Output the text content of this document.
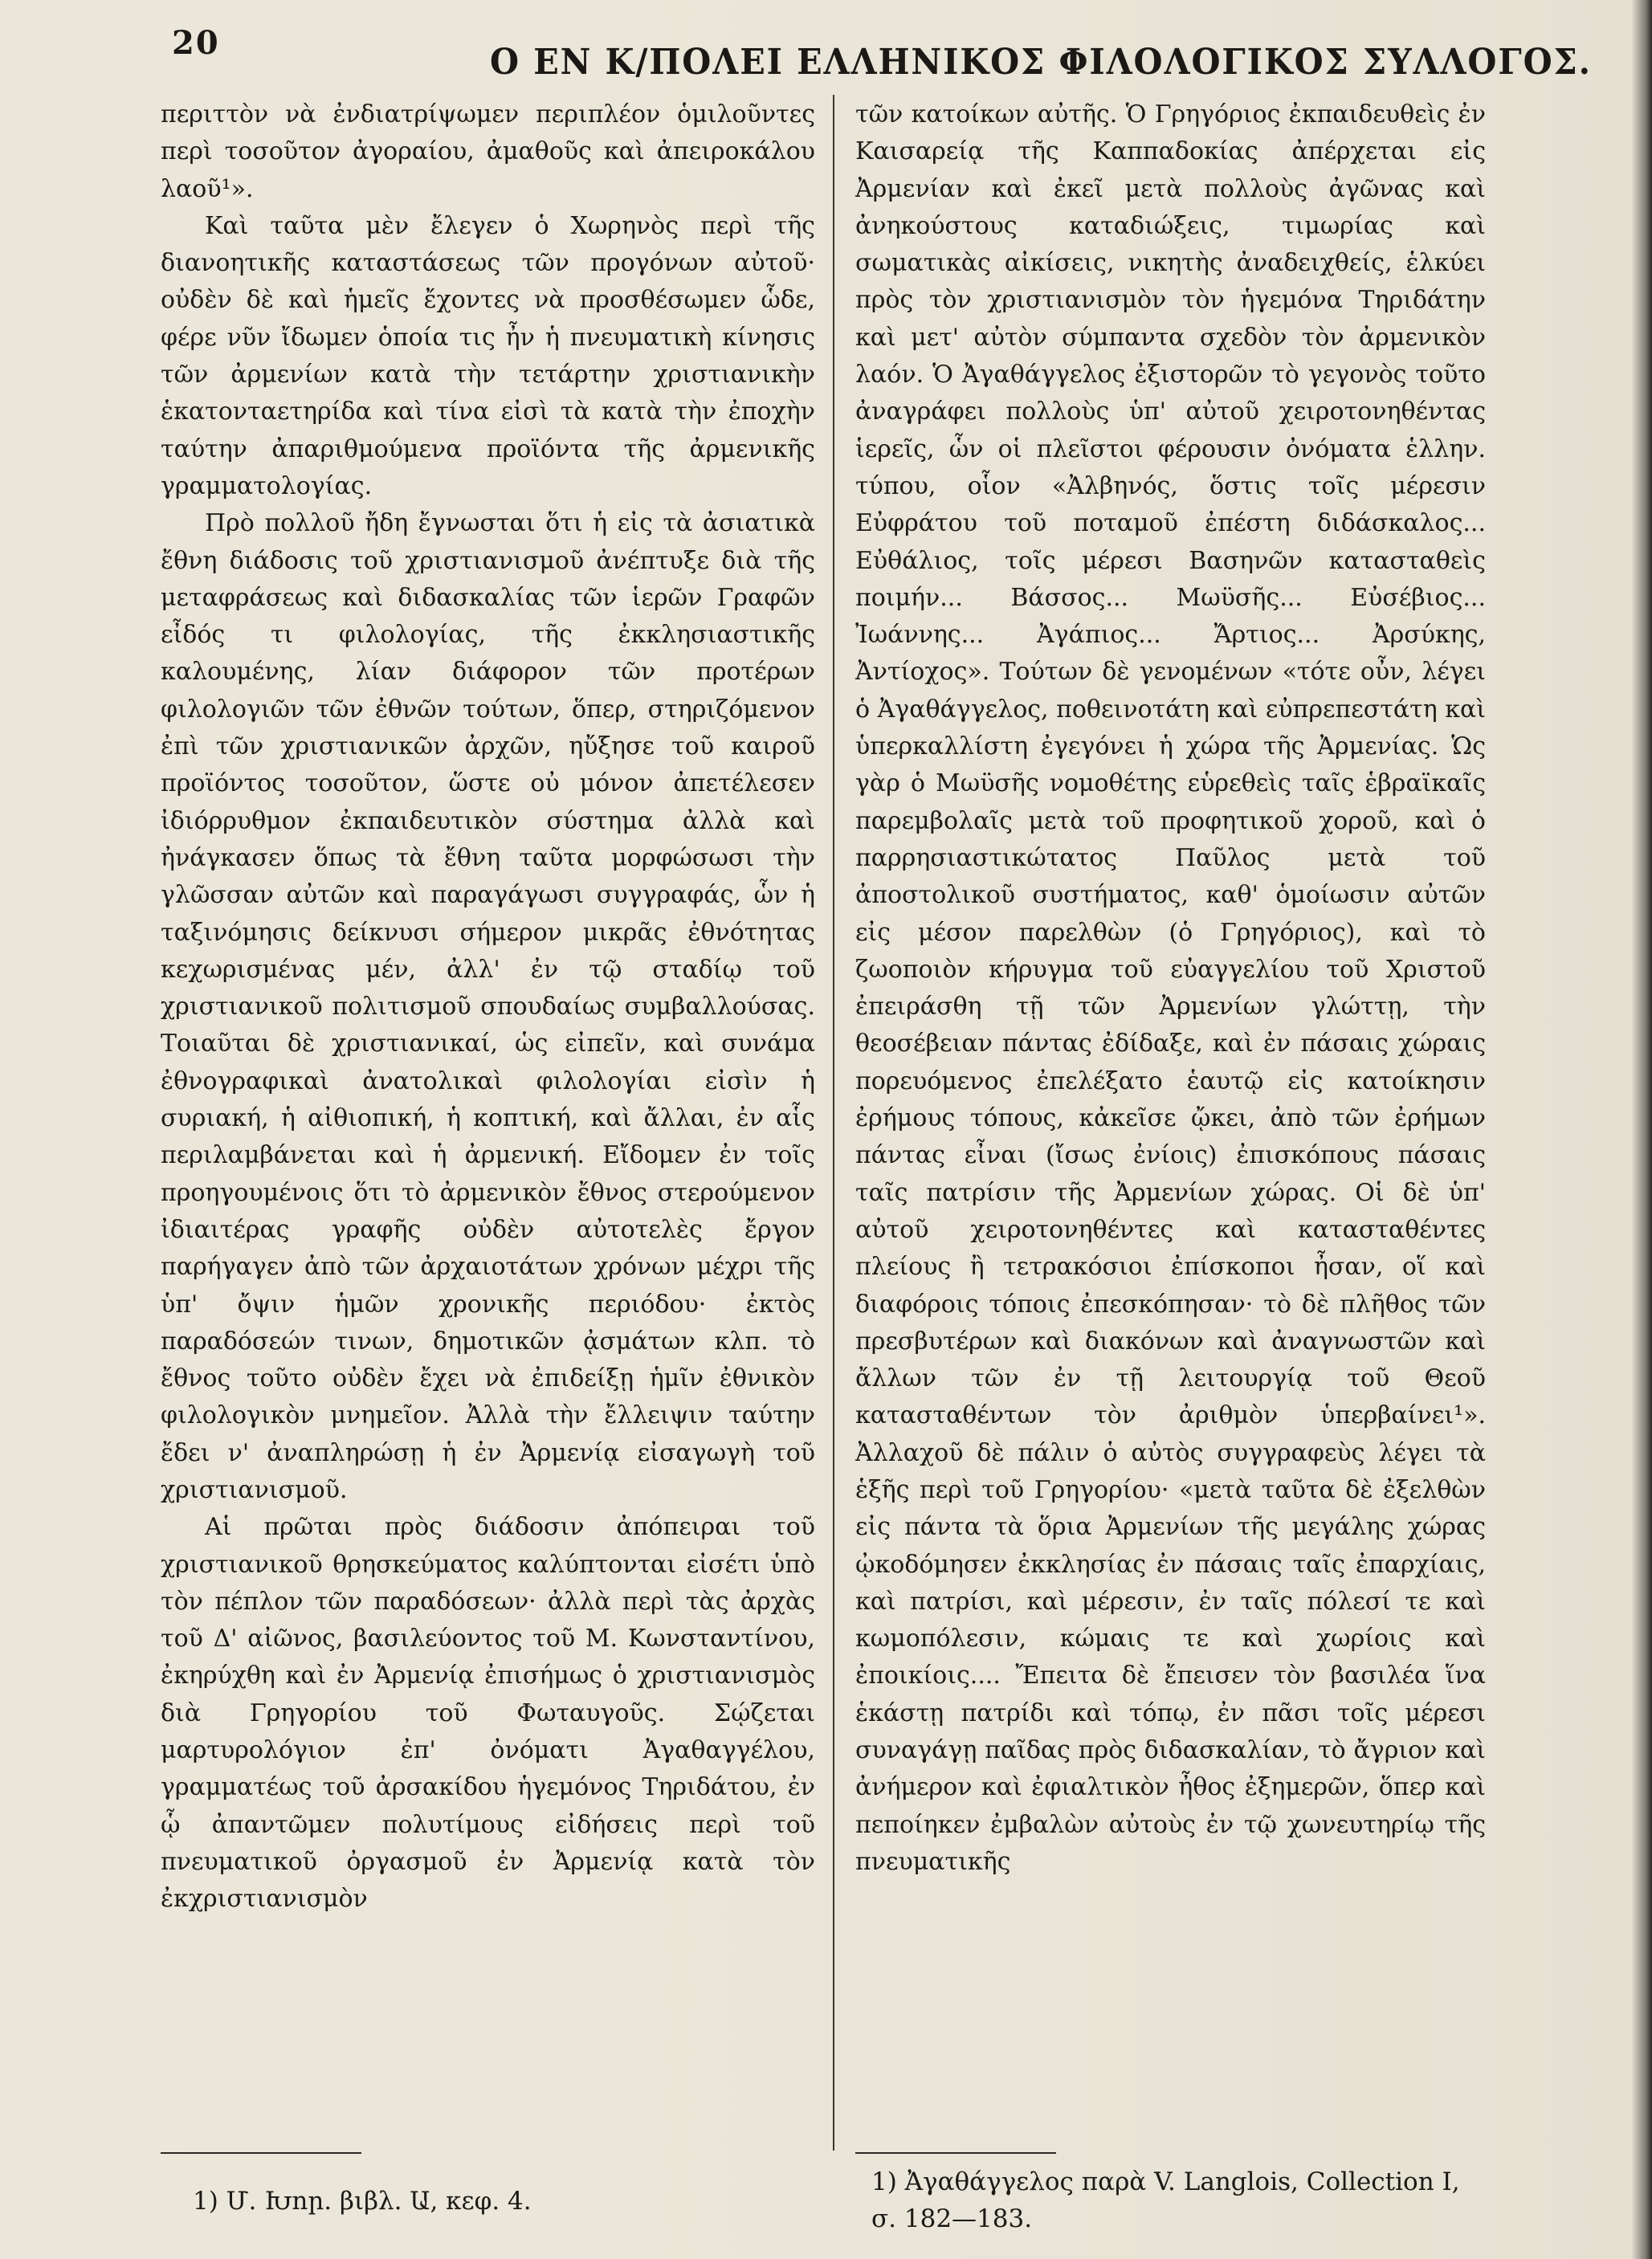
20	Ο ΕΝ Κ/ΠΟΛΕΙ ΕΛΛΗΝΙΚΟΣ ΦΙΛΟΛΟΓΙΚΟΣ ΣΥΛΛΟΓΟΣ.

περιττὸν νὰ ἐνδιατρίψωμεν περιπλέον ὁμιλοῦντες περὶ τοσοῦτον ἀγοραίου, ἀμαθοῦς καὶ ἀπειροκάλου λαοῦ¹».

Καὶ ταῦτα μὲν ἔλεγεν ὁ Χωρηνὸς περὶ τῆς διανοητικῆς καταστάσεως τῶν προγόνων αὐτοῦ· οὐδὲν δὲ καὶ ἡμεῖς ἔχοντες νὰ προσθέσωμεν ὧδε, φέρε νῦν ἴδωμεν ὁποία τις ἦν ἡ πνευματικὴ κίνησις τῶν ἀρμενίων κατὰ τὴν τετάρτην χριστιανικὴν ἑκατονταετηρίδα καὶ τίνα εἰσὶ τὰ κατὰ τὴν ἐποχὴν ταύτην ἀπαριθμούμενα προϊόντα τῆς ἀρμενικῆς γραμματολογίας.

Πρὸ πολλοῦ ἤδη ἔγνωσται ὅτι ἡ εἰς τὰ ἀσιατικὰ ἔθνη διάδοσις τοῦ χριστιανισμοῦ ἀνέπτυξε διὰ τῆς μεταφράσεως καὶ διδασκαλίας τῶν ἱερῶν Γραφῶν εἶδός τι φιλολογίας, τῆς ἐκκλησιαστικῆς καλουμένης, λίαν διάφορον τῶν προτέρων φιλολογιῶν τῶν ἐθνῶν τούτων, ὅπερ, στηριζόμενον ἐπὶ τῶν χριστιανικῶν ἀρχῶν, ηὔξησε τοῦ καιροῦ προϊόντος τοσοῦτον, ὥστε οὐ μόνον ἀπετέλεσεν ἰδιόρρυθμον ἐκπαιδευτικὸν σύστημα ἀλλὰ καὶ ἠνάγκασεν ὅπως τὰ ἔθνη ταῦτα μορφώσωσι τὴν γλῶσσαν αὐτῶν καὶ παραγάγωσι συγγραφάς, ὧν ἡ ταξινόμησις δείκνυσι σήμερον μικρᾶς ἐθνότητας κεχωρισμένας μέν, ἀλλ' ἐν τῷ σταδίῳ τοῦ χριστιανικοῦ πολιτισμοῦ σπουδαίως συμβαλλούσας. Τοιαῦται δὲ χριστιανικαί, ὡς εἰπεῖν, καὶ συνάμα ἐθνογραφικαὶ ἀνατολικαὶ φιλολογίαι εἰσὶν ἡ συριακή, ἡ αἰθιοπική, ἡ κοπτική, καὶ ἄλλαι, ἐν αἷς περιλαμβάνεται καὶ ἡ ἀρμενική. Εἴδομεν ἐν τοῖς προηγουμένοις ὅτι τὸ ἀρμενικὸν ἔθνος στερούμενον ἰδιαιτέρας γραφῆς οὐδὲν αὐτοτελὲς ἔργον παρήγαγεν ἀπὸ τῶν ἀρχαιοτάτων χρόνων μέχρι τῆς ὑπ' ὄψιν ἡμῶν χρονικῆς περιόδου· ἐκτὸς παραδόσεών τινων, δημοτικῶν ᾀσμάτων κλπ. τὸ ἔθνος τοῦτο οὐδὲν ἔχει νὰ ἐπιδείξῃ ἡμῖν ἐθνικὸν φιλολογικὸν μνημεῖον. Ἀλλὰ τὴν ἔλλειψιν ταύτην ἔδει ν' ἀναπληρώσῃ ἡ ἐν Ἀρμενίᾳ εἰσαγωγὴ τοῦ χριστιανισμοῦ.

Αἱ πρῶται πρὸς διάδοσιν ἀπόπειραι τοῦ χριστιανικοῦ θρησκεύματος καλύπτονται εἰσέτι ὑπὸ τὸν πέπλον τῶν παραδόσεων· ἀλλὰ περὶ τὰς ἀρχὰς τοῦ Δ' αἰῶνος, βασιλεύοντος τοῦ Μ. Κωνσταντίνου, ἐκηρύχθη καὶ ἐν Ἀρμενίᾳ ἐπισήμως ὁ χριστιανισμὸς διὰ Γρηγορίου τοῦ Φωταυγοῦς. Σῴζεται μαρτυρολόγιον ἐπ' ὀνόματι Ἀγαθαγγέλου, γραμματέως τοῦ ἀρσακίδου ἡγεμόνος Τηριδάτου, ἐν ᾧ ἀπαντῶμεν πολυτίμους εἰδήσεις περὶ τοῦ πνευματικοῦ ὀργασμοῦ ἐν Ἀρμενίᾳ κατὰ τὸν ἐκχριστιανισμὸν

τῶν κατοίκων αὐτῆς. Ὁ Γρηγόριος ἐκπαιδευθεὶς ἐν Καισαρείᾳ τῆς Καππαδοκίας ἀπέρχεται εἰς Ἀρμενίαν καὶ ἐκεῖ μετὰ πολλοὺς ἀγῶνας καὶ ἀνηκούστους καταδιώξεις, τιμωρίας καὶ σωματικὰς αἰκίσεις, νικητὴς ἀναδειχθείς, ἑλκύει πρὸς τὸν χριστιανισμὸν τὸν ἡγεμόνα Τηριδάτην καὶ μετ' αὐτὸν σύμπαντα σχεδὸν τὸν ἀρμενικὸν λαόν. Ὁ Ἀγαθάγγελος ἐξιστορῶν τὸ γεγονὸς τοῦτο ἀναγράφει πολλοὺς ὑπ' αὐτοῦ χειροτονηθέντας ἱερεῖς, ὧν οἱ πλεῖστοι φέρουσιν ὀνόματα ἑλλην. τύπου, οἷον «Ἀλβηνός, ὅστις τοῖς μέρεσιν Εὐφράτου τοῦ ποταμοῦ ἐπέστη διδάσκαλος... Εὐθάλιος, τοῖς μέρεσι Βασηνῶν κατασταθεὶς ποιμήν... Βάσσος... Μωϋσῆς... Εὐσέβιος... Ἰωάννης... Ἀγάπιος... Ἄρτιος... Ἀρσύκης, Ἀντίοχος». Τούτων δὲ γενομένων «τότε οὖν, λέγει ὁ Ἀγαθάγγελος, ποθεινοτάτη καὶ εὐπρεπεστάτη καὶ ὑπερκαλλίστη ἐγεγόνει ἡ χώρα τῆς Ἀρμενίας. Ὡς γὰρ ὁ Μωϋσῆς νομοθέτης εὑρεθεὶς ταῖς ἑβραϊκαῖς παρεμβολαῖς μετὰ τοῦ προφητικοῦ χοροῦ, καὶ ὁ παρρησιαστικώτατος Παῦλος μετὰ τοῦ ἀποστολικοῦ συστήματος, καθ' ὁμοίωσιν αὐτῶν εἰς μέσον παρελθὼν (ὁ Γρηγόριος), καὶ τὸ ζωοποιὸν κήρυγμα τοῦ εὐαγγελίου τοῦ Χριστοῦ ἐπειράσθη τῇ τῶν Ἀρμενίων γλώττῃ, τὴν θεοσέβειαν πάντας ἐδίδαξε, καὶ ἐν πάσαις χώραις πορευόμενος ἐπελέξατο ἑαυτῷ εἰς κατοίκησιν ἐρήμους τόπους, κἀκεῖσε ᾤκει, ἀπὸ τῶν ἐρήμων πάντας εἶναι (ἴσως ἐνίοις) ἐπισκόπους πάσαις ταῖς πατρίσιν τῆς Ἀρμενίων χώρας. Οἱ δὲ ὑπ' αὐτοῦ χειροτονηθέντες καὶ κατασταθέντες πλείους ἢ τετρακόσιοι ἐπίσκοποι ἦσαν, οἵ καὶ διαφόροις τόποις ἐπεσκόπησαν· τὸ δὲ πλῆθος τῶν πρεσβυτέρων καὶ διακόνων καὶ ἀναγνωστῶν καὶ ἄλλων τῶν ἐν τῇ λειτουργίᾳ τοῦ Θεοῦ κατασταθέντων τὸν ἀριθμὸν ὑπερβαίνει¹». Ἀλλαχοῦ δὲ πάλιν ὁ αὐτὸς συγγραφεὺς λέγει τὰ ἑξῆς περὶ τοῦ Γρηγορίου· «μετὰ ταῦτα δὲ ἐξελθὼν εἰς πάντα τὰ ὅρια Ἀρμενίων τῆς μεγάλης χώρας ᾠκοδόμησεν ἐκκλησίας ἐν πάσαις ταῖς ἐπαρχίαις, καὶ πατρίσι, καὶ μέρεσιν, ἐν ταῖς πόλεσί τε καὶ κωμοπόλεσιν, κώμαις τε καὶ χωρίοις καὶ ἐποικίοις.... Ἔπειτα δὲ ἔπεισεν τὸν βασιλέα ἵνα ἑκάστῃ πατρίδι καὶ τόπῳ, ἐν πᾶσι τοῖς μέρεσι συναγάγῃ παῖδας πρὸς διδασκαλίαν, τὸ ἄγριον καὶ ἀνήμερον καὶ ἐφιαλτικὸν ἦθος ἐξημερῶν, ὅπερ καὶ πεποίηκεν ἐμβαλὼν αὐτοὺς ἐν τῷ χωνευτηρίῳ τῆς πνευματικῆς

1) Մ. Խոր. βιβλ. Ա, κεφ. 4.
1) Ἀγαθάγγελος παρὰ V. Langlois, Collection I, σ. 182—183.
